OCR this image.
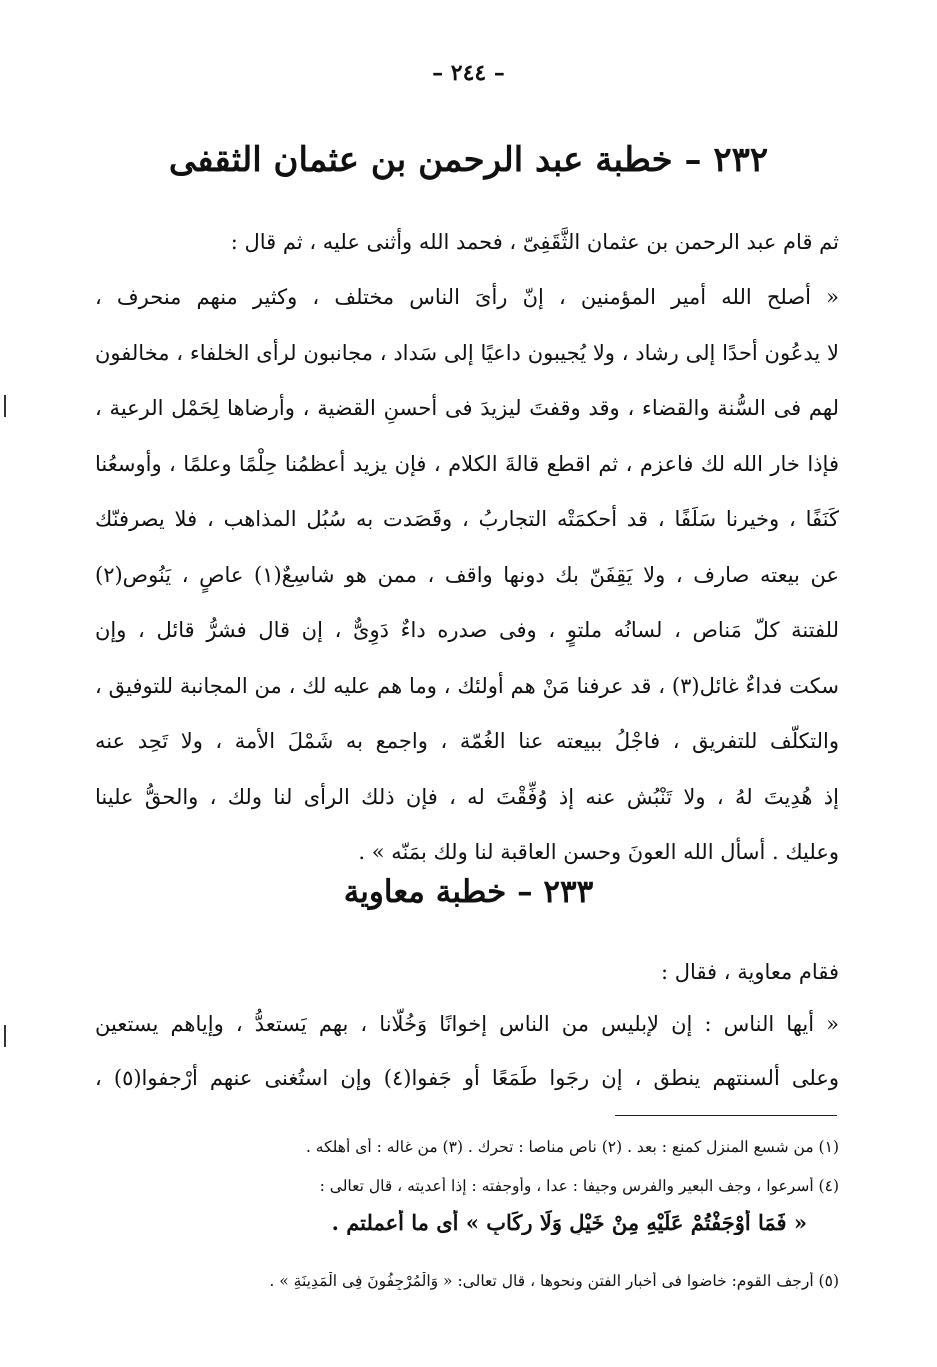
– ٢٤٤ –
٢٣٢ – خطبة عبد الرحمن بن عثمان الثقفى
ثم قام عبد الرحمن بن عثمان الثَّقَفِىّ ، فحمد الله وأثنى عليه ، ثم قال :
« أصلح الله أمير المؤمنين ، إنّ رأىَ الناس مختلف ، وكثير منهم منحرف ،
لا يدعُون أحدًا إلى رشاد ، ولا يُجيبون داعيًا إلى سَداد ، مجانبون لرأى الخلفاء ، مخالفون
لهم فى السُّنة والقضاء ، وقد وقفتَ ليزيدَ فى أحسنِ القضية ، وأرضاها لِحَمْل الرعية ،
فإذا خار الله لك فاعزم ، ثم اقطع قالةَ الكلام ، فإن يزيد أعظمُنا حِلْمًا وعلمًا ، وأوسعُنا
كَنَفًا ، وخيرنا سَلَفًا ، قد أحكمَتْه التجاربُ ، وقَصَدت به سُبُل المذاهب ، فلا يصرفنّك
عن بيعته صارف ، ولا يَقِفَنّ بك دونها واقف ، ممن هو شاسِعٌ(١) عاصٍ ، يَنُوص(٢)
للفتنة كلّ مَناص ، لسانُه ملتوٍ ، وفى صدره داءٌ دَوِىٌّ ، إن قال فشرُّ قائل ، وإن
سكت فداءٌ غائل(٣) ، قد عرفنا مَنْ هم أولئك ، وما هم عليه لك ، من المجانبة للتوفيق ،
والتكلّف للتفريق ، فاجْلُ ببيعته عنا الغُمّة ، واجمع به شَمْلَ الأمة ، ولا تَحِد عنه
إذ هُدِيتَ لهُ ، ولا تَنْبُش عنه إذ وُفِّقْتَ له ، فإن ذلك الرأى لنا ولك ، والحقُّ علينا
وعليك . أسأل الله العونَ وحسن العاقبة لنا ولك بمَنّه » .
٢٣٣ – خطبة معاوية
فقام معاوية ، فقال :
« أيها الناس : إن لإبليس من الناس إخوانًا وَخُلّانا ، بهم يَستعدُّ ، وإياهم يستعين
وعلى ألسنتهم ينطق ، إن رجَوا طَمَعًا أو جَفوا(٤) وإن استُغنى عنهم أرْجفوا(٥) ،
(١) من شسع المنزل كمنع : بعد . (٢) ناص مناصا : تحرك . (٣) من غاله : أى أهلكه .
(٤) أسرعوا ، وجف البعير والفرس وجيفا : عدا ، وأوجفته : إذا أعديته ، قال تعالى :
« فَمَا أَوْجَفْتُمْ عَلَيْهِ مِنْ خَيْلٍ وَلَا رِكَابٍ » أى ما أعملتم .
(٥) أرجف القوم: خاضوا فى أخبار الفتن ونحوها ، قال تعالى: « وَالْمُرْجِفُونَ فِى الْمَدِينَةِ » .
